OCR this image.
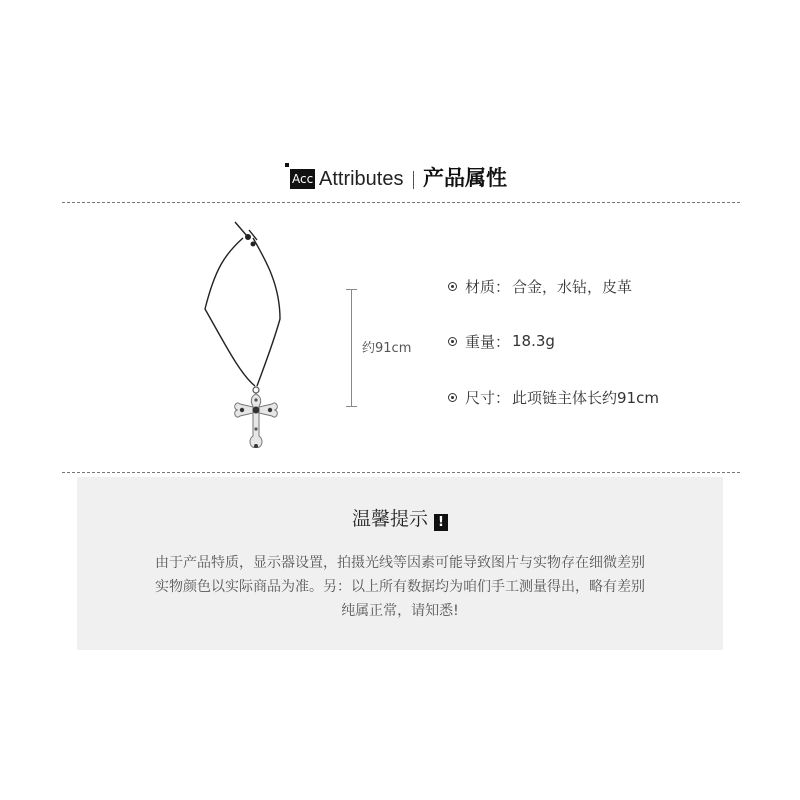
Acc Attributes 产品属性
约91cm
材质： 合金，水钻，皮革
重量： 18.3g
尺寸： 此项链主体长约91cm
温馨提示 !
由于产品特质，显示器设置，拍摄光线等因素可能导致图片与实物存在细微差别
实物颜色以实际商品为准。另：以上所有数据均为咱们手工测量得出，略有差别
纯属正常，请知悉!
